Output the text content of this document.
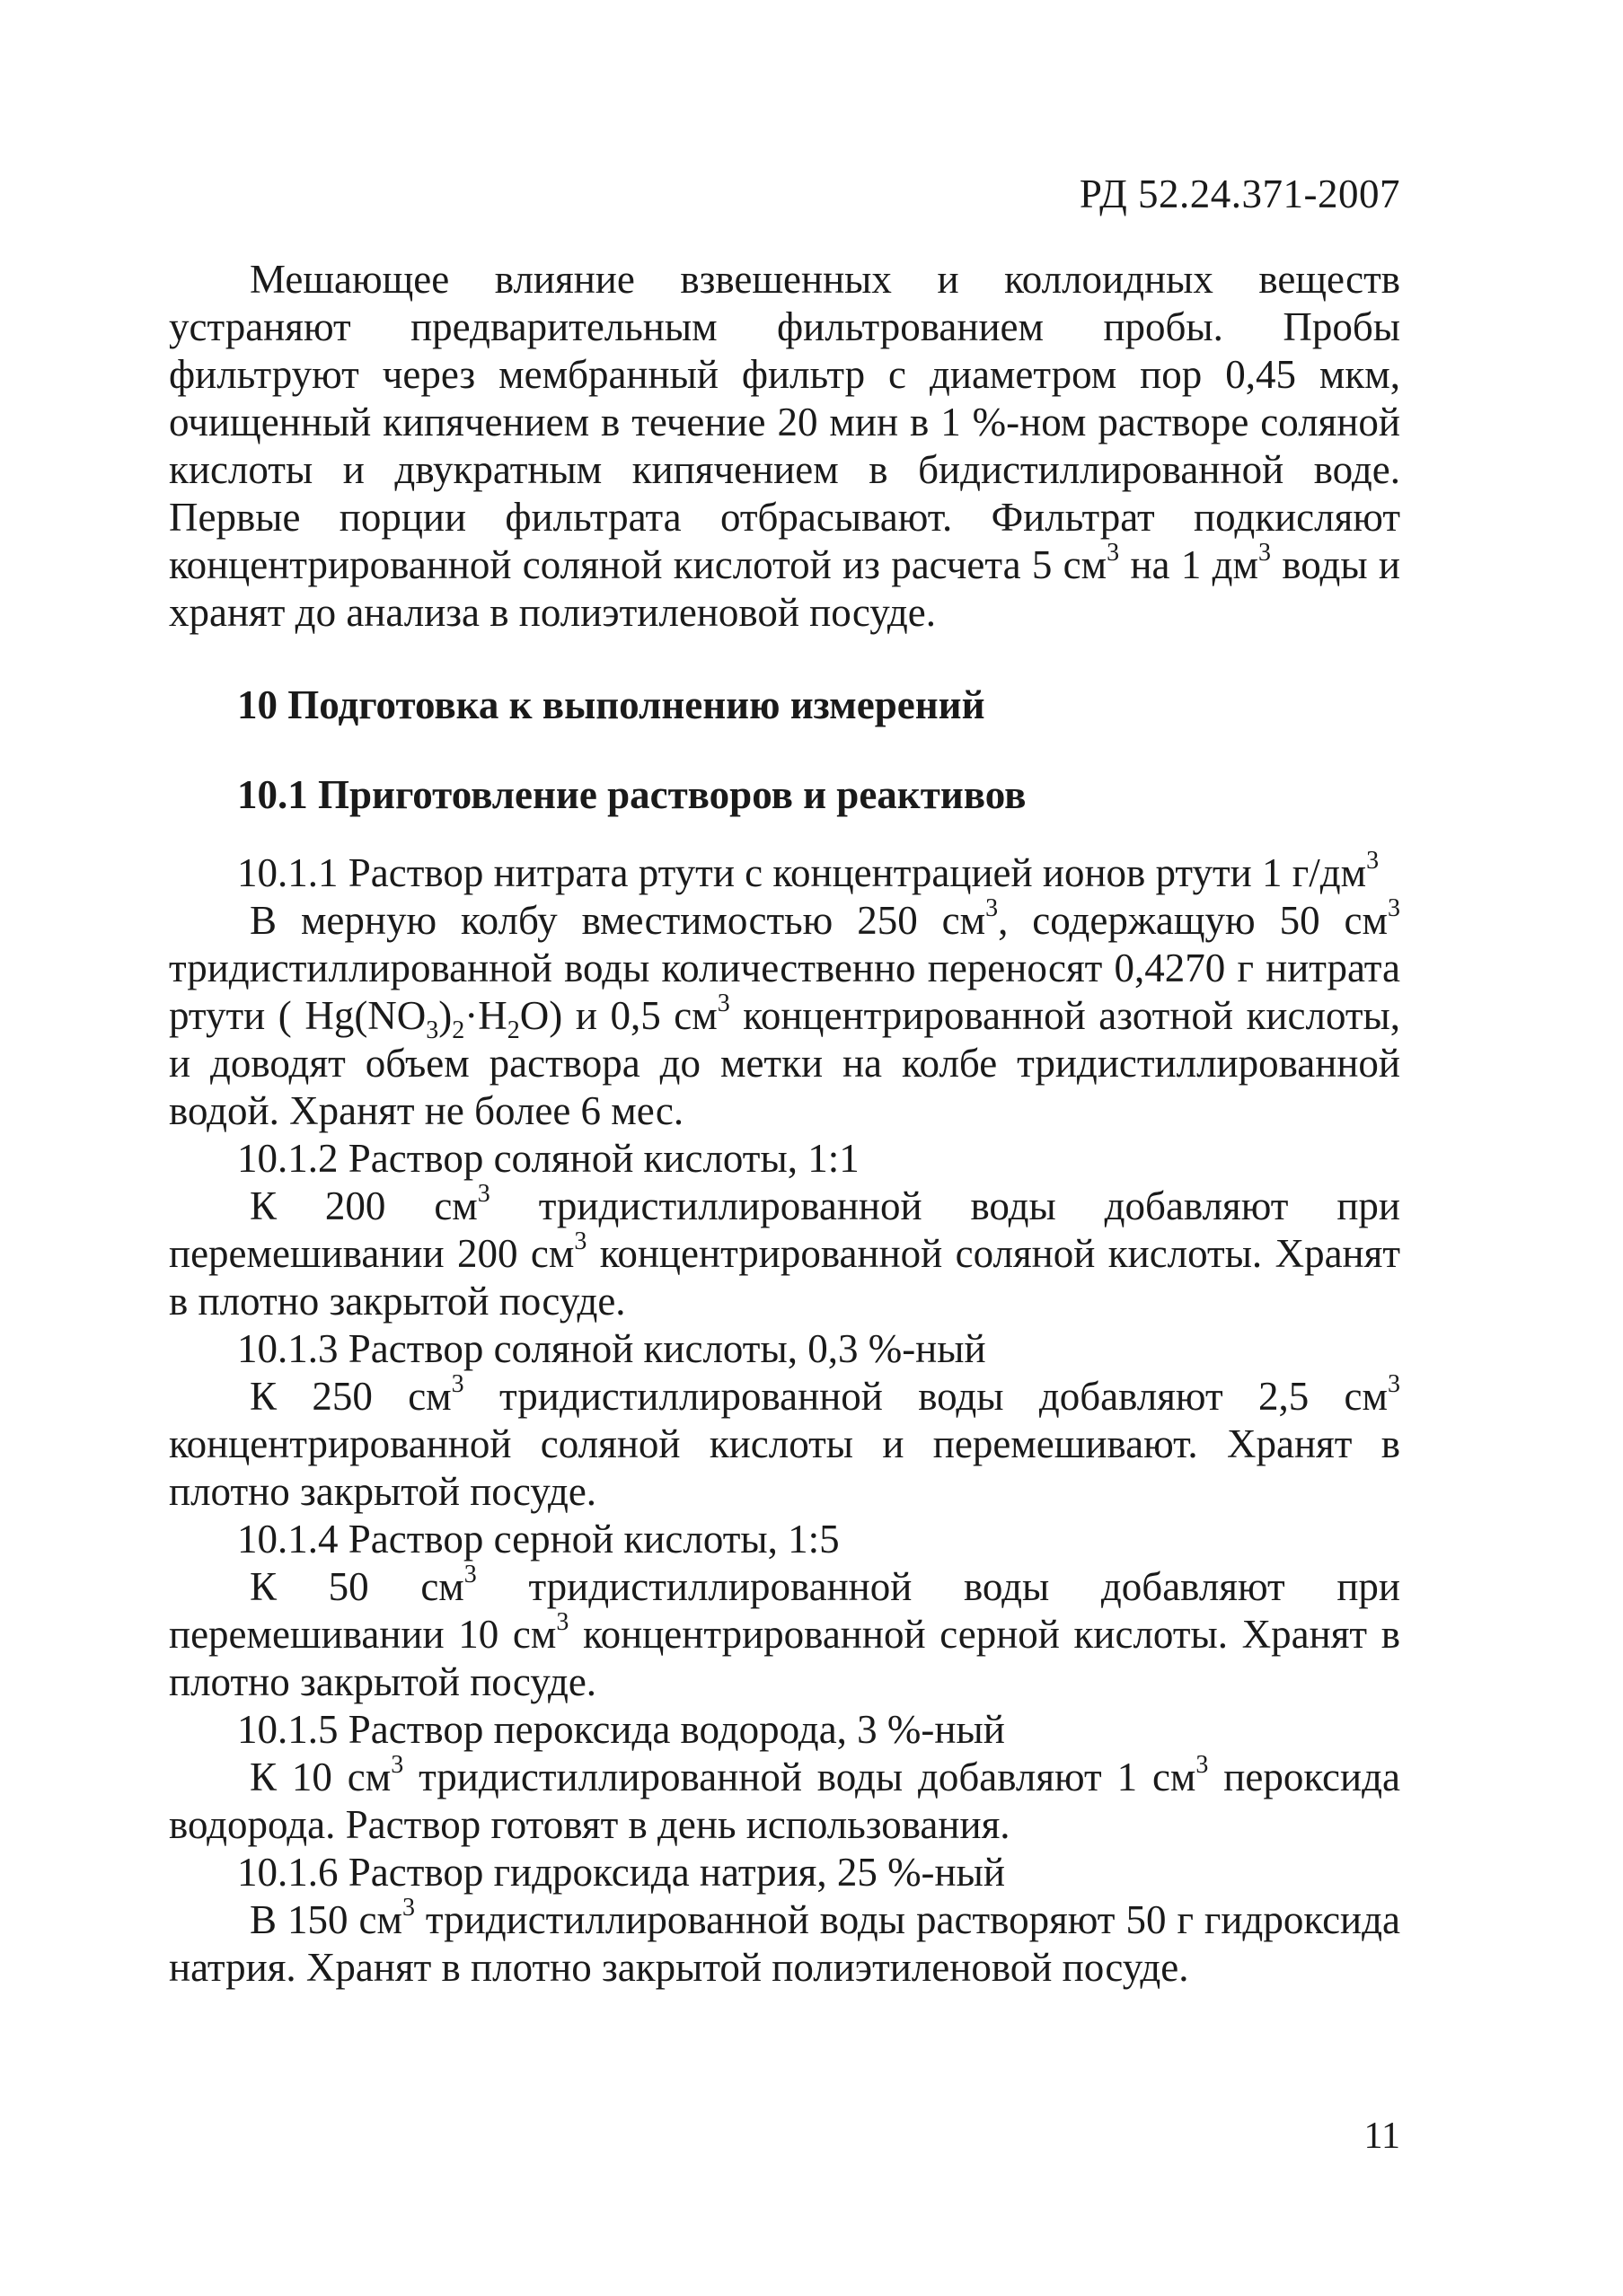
РД 52.24.371-2007

Мешающее влияние взвешенных и коллоидных веществ устраняют предварительным фильтрованием пробы. Пробы фильтруют через мембранный фильтр с диаметром пор 0,45 мкм, очищенный кипячением в течение 20 мин в 1 %-ном растворе соляной кислоты и двукратным кипячением в бидистиллированной воде. Первые порции фильтрата отбрасывают. Фильтрат подкисляют концентрированной соляной кислотой из расчета 5 $см^3$ на 1 $дм^3$ воды и хранят до анализа в полиэтиленовой посуде.

10 Подготовка к выполнению измерений
10.1 Приготовление растворов и реактивов

10.1.1 Раствор нитрата ртути с концентрацией ионов ртути 1 $г/дм^3$

В мерную колбу вместимостью 250 $см^3$, содержащую 50 $см^3$ тридистиллированной воды количественно переносят 0,4270 г нитрата ртути ( $Hg(NO_3)_2\cdot H_2O$) и 0,5 $см^3$ концентрированной азотной кислоты, и доводят объем раствора до метки на колбе тридистиллированной водой. Хранят не более 6 мес.

10.1.2 Раствор соляной кислоты, 1:1

К 200 $см^3$ тридистиллированной воды добавляют при перемешивании 200 $см^3$ концентрированной соляной кислоты. Хранят в плотно закрытой посуде.

10.1.3 Раствор соляной кислоты, 0,3 %-ный

К 250 $см^3$ тридистиллированной воды добавляют 2,5 $см^3$ концентрированной соляной кислоты и перемешивают. Хранят в плотно закрытой посуде.

10.1.4 Раствор серной кислоты, 1:5

К 50 $см^3$ тридистиллированной воды добавляют при перемешивании 10 $см^3$ концентрированной серной кислоты. Хранят в плотно закрытой посуде.

10.1.5 Раствор пероксида водорода, 3 %-ный

К 10 $см^3$ тридистиллированной воды добавляют 1 $см^3$ пероксида водорода. Раствор готовят в день использования.

10.1.6 Раствор гидроксида натрия, 25 %-ный

В 150 $см^3$ тридистиллированной воды растворяют 50 г гидроксида натрия. Хранят в плотно закрытой полиэтиленовой посуде.

11
